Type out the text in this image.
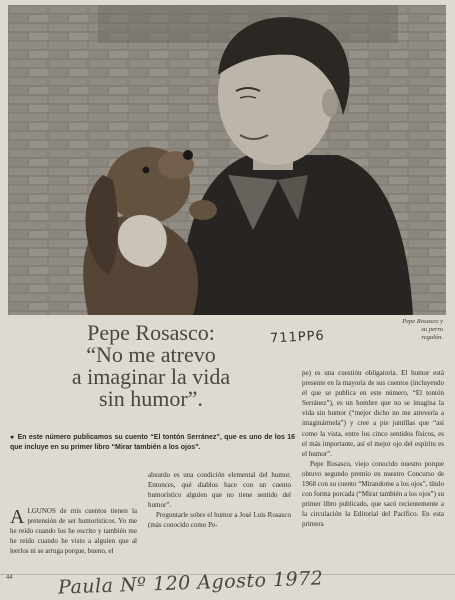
Pepe Rosasco y
su perro
regalón.
711PP6
Pepe Rosasco:
“No me atrevo
a imaginar la vida
sin humor”.
● En este número publicamos su cuento “El tontón Serránez”, que es uno de los 16 que incluye en su primer libro “Mirar también a los ojos”.
A LGUNOS de mis cuentos tienen la pretensión de ser humorísticos. Yo me he reído cuando los he escrito y también me he reído cuando he visto a alguien que al leerlos ni se arruga porque, bueno, el

absurdo es una condición elemental del humor. Entonces, qué diablos hace con un cuento humorístico alguien que no tiene sentido del humor”.

Preguntarle sobre el humor a José Luis Rosasco (más conocido como Pe-

pe) es una cuestión obligatoria. El humor está presente en la mayoría de sus cuentos (incluyendo el que se publica en este número, “El tontón Serránez”), es un hombre que no se imagina la vida sin humor (“mejor dicho no me atrevería a imaginármela”) y cree a pie juntillas que “así como la vista, entre los cinco sentidos físicos, es el más importante, así el mejor ojo del espíritu es el humor”.

Pepe Rosasco, viejo conocido nuestro porque obtuvo segundo premio en nuestro Concurso de 1968 con su cuento “Mirandome a los ojos”, título con forma porcada (“Mirar también a los ojos”) su primer libro publicado, que sacó recientemente a la circulación la Editorial del Pacífico. En esta primera

44 Paula Nº 120 Agosto 1972
